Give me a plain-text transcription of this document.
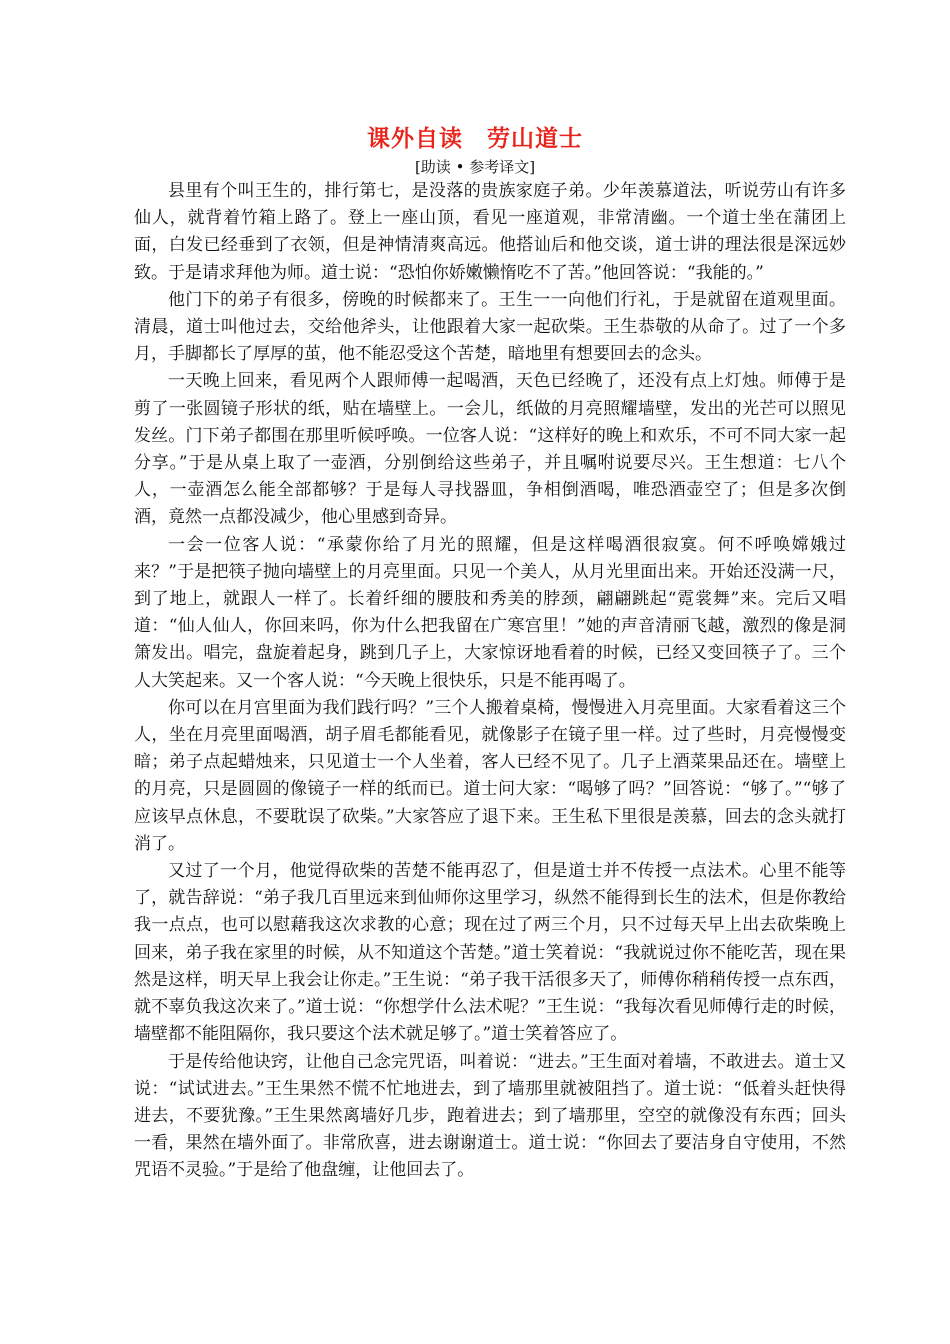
课外自读　劳山道士
[助读 • 参考译文]

县里有个叫王生的，排行第七，是没落的贵族家庭子弟。少年羡慕道法，听说劳山有许多仙人，就背着竹箱上路了。登上一座山顶，看见一座道观，非常清幽。一个道士坐在蒲团上面，白发已经垂到了衣领，但是神情清爽高远。他搭讪后和他交谈，道士讲的理法很是深远妙致。于是请求拜他为师。道士说：“恐怕你娇嫩懒惰吃不了苦。”他回答说：“我能的。”

他门下的弟子有很多，傍晚的时候都来了。王生一一向他们行礼，于是就留在道观里面。清晨，道士叫他过去，交给他斧头，让他跟着大家一起砍柴。王生恭敬的从命了。过了一个多月，手脚都长了厚厚的茧，他不能忍受这个苦楚，暗地里有想要回去的念头。

一天晚上回来，看见两个人跟师傅一起喝酒，天色已经晚了，还没有点上灯烛。师傅于是剪了一张圆镜子形状的纸，贴在墙壁上。一会儿，纸做的月亮照耀墙壁，发出的光芒可以照见发丝。门下弟子都围在那里听候呼唤。一位客人说：“这样好的晚上和欢乐，不可不同大家一起分享。”于是从桌上取了一壶酒，分别倒给这些弟子，并且嘱咐说要尽兴。王生想道：七八个人，一壶酒怎么能全部都够？于是每人寻找器皿，争相倒酒喝，唯恐酒壶空了；但是多次倒酒，竟然一点都没减少，他心里感到奇异。

一会一位客人说：“承蒙你给了月光的照耀，但是这样喝酒很寂寞。何不呼唤嫦娥过来？”于是把筷子抛向墙壁上的月亮里面。只见一个美人，从月光里面出来。开始还没满一尺，到了地上，就跟人一样了。长着纤细的腰肢和秀美的脖颈，翩翩跳起“霓裳舞”来。完后又唱道：“仙人仙人，你回来吗，你为什么把我留在广寒宫里！”她的声音清丽飞越，激烈的像是洞箫发出。唱完，盘旋着起身，跳到几子上，大家惊讶地看着的时候，已经又变回筷子了。三个人大笑起来。又一个客人说：“今天晚上很快乐，只是不能再喝了。

你可以在月宫里面为我们践行吗？”三个人搬着桌椅，慢慢进入月亮里面。大家看着这三个人，坐在月亮里面喝酒，胡子眉毛都能看见，就像影子在镜子里一样。过了些时，月亮慢慢变暗；弟子点起蜡烛来，只见道士一个人坐着，客人已经不见了。几子上酒菜果品还在。墙壁上的月亮，只是圆圆的像镜子一样的纸而已。道士问大家：“喝够了吗？”回答说：“够了。”“够了应该早点休息，不要耽误了砍柴。”大家答应了退下来。王生私下里很是羡慕，回去的念头就打消了。

又过了一个月，他觉得砍柴的苦楚不能再忍了，但是道士并不传授一点法术。心里不能等了，就告辞说：“弟子我几百里远来到仙师你这里学习，纵然不能得到长生的法术，但是你教给我一点点，也可以慰藉我这次求教的心意；现在过了两三个月，只不过每天早上出去砍柴晚上回来，弟子我在家里的时候，从不知道这个苦楚。”道士笑着说：“我就说过你不能吃苦，现在果然是这样，明天早上我会让你走。”王生说：“弟子我干活很多天了，师傅你稍稍传授一点东西，就不辜负我这次来了。”道士说：“你想学什么法术呢？”王生说：“我每次看见师傅行走的时候，墙壁都不能阻隔你，我只要这个法术就足够了。”道士笑着答应了。

于是传给他诀窍，让他自己念完咒语，叫着说：“进去。”王生面对着墙，不敢进去。道士又说：“试试进去。”王生果然不慌不忙地进去，到了墙那里就被阻挡了。道士说：“低着头赶快得进去，不要犹豫。”王生果然离墙好几步，跑着进去；到了墙那里，空空的就像没有东西；回头一看，果然在墙外面了。非常欣喜，进去谢谢道士。道士说：“你回去了要洁身自守使用，不然咒语不灵验。”于是给了他盘缠，让他回去了。
